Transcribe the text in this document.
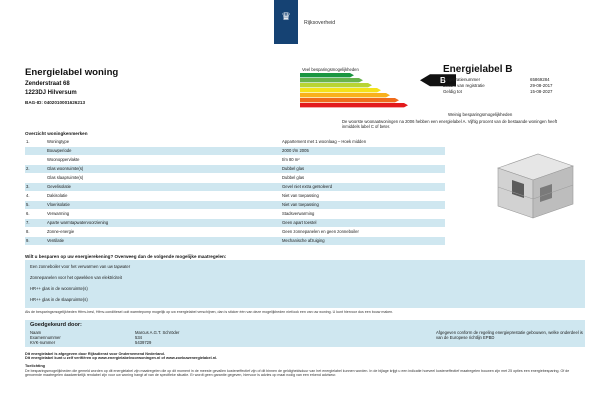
♛	Rijksoverheid
Energielabel woning
Zenderstraat 68
1223DJ Hilversum
BAG-ID: 0402010001626213
Veel besparingsmogelijkheden
B
Weinig besparingsmogelijkheden
De woorste woonaatwoningen na 2006 hebben een energielabel A. Vijftig procent van de bestaande woningen heeft inmiddels label C of beter.
Energielabel B
Registratienummer	65869284
Datum van registratie	29-08-2017
Geldig tot	15-08-2027
Overzicht woningkenmerken
1.	Woningtype	Appartement met 1 woonlaag – Hoek midden
Bouwperiode	2000 t/m 2005
Woonoppervlakte	t/m 80 m²
2.	Glas woonruimte(s)	Dubbel glas
Glas slaapruimte(s)	Dubbel glas
3.	Gevelisolatie	Gevel niet extra geïsoleerd
4.	Dakisolatie	Niet van toepassing
5.	Vloerisolatie	Niet van toepassing
6.	Verwarming	Stadsverwarming
7.	Aparte warmtapwatervoorziening	Geen apart toestel
8.	Zonne-energie	Geen zonnepanelen en geen zonneboiler
9.	Ventilatie	Mechanische afzuiging
Wilt u besparen op uw energierekening? Overweeg dan de volgende mogelijke maatregelen:
Een zonneboiler voor het verwarmen van uw tapwater
Zonnepanelen voor het opwekken van elektriciteit
HR++ glas in de woonruimte(s)
HR++ glas in de slaapruimte(s)
Als de besparingsmogelijkheden Hfmv-besl, Hfmv-conditiesel ooit warmtepomp mogelijk op uw energielabel verschijnen, dan is sticker één van deze mogelijkheden niet/ook een van uw woning. U kunt hiervoor dus een bouw maken.
Goedgekeurd door:
Naam	Marcus A.G.T. Schröder
Examennummer	534
KVK-nummer	5439729
Afgegeven conform de regeling energieprestatie gebouwen, welke onderdeel is van de Europese richtlijn EPBD
Dit energielabel is afgegeven door Rijksdienst voor Ondernemend Nederland.
Dit energielabel kunt u zelf verifiëren op www.energielabelvoorwoningen.nl of www.zoekuwenergielabel.nl.
Toelichting
De besparingsmogelijkheden die gemeld worden op dit energielabel zijn maatregelen die op dit moment in de meeste gevallen kosteneffectief zijn of dit binnen de geldigheidsduur van het energielabel kunnen worden. In de bijlage krijgt u een indicatie hoeveel kosteneffectief maatregelen bouwen zijn met 25 opties een energiebesparing. Of de genoemde maatregelen daadwerkelijk rendabel zijn voor uw woning hangt af van de specifieke situatie. Er wordt geen garantie gegeven, hiervoor is advies op maat nodig van een erkend adviseur.
